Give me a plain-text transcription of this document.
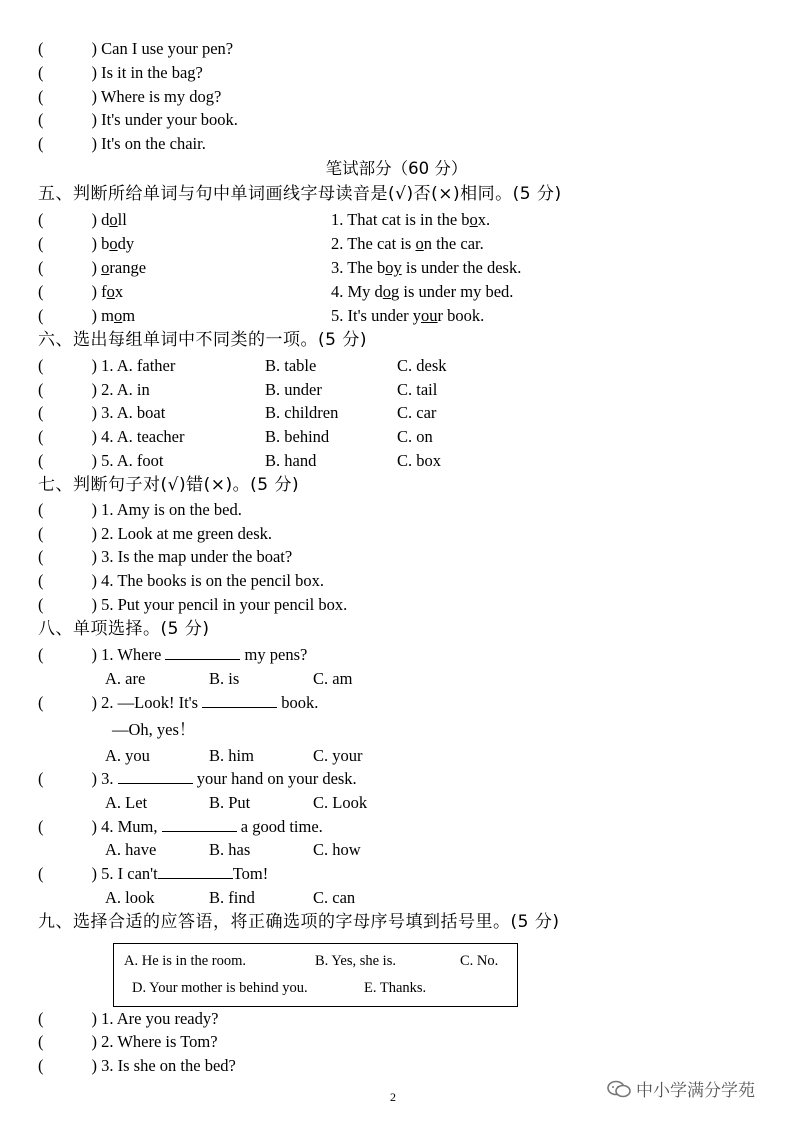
(	) Can I use your pen?
(	) Is it in the bag?
(	) Where is my dog?
(	) It's under your book.
(	) It's on the chair.
笔试部分（60 分）
五、判断所给单词与句中单词画线字母读音是(√)否(×)相同。(5 分)
(	) doll	1. That cat is in the box.
(	) body	2. The cat is on the car.
(	) orange	3. The boy is under the desk.
(	) fox	4. My dog is under my bed.
(	) mom	5. It's under your book.
六、选出每组单词中不同类的一项。(5 分)
(	) 1. A. father	B. table	C. desk
(	) 2. A. in	B. under	C. tail
(	) 3. A. boat	B. children	C. car
(	) 4. A. teacher	B. behind	C. on
(	) 5. A. foot	B. hand	C. box
七、判断句子对(√)错(×)。(5 分)
(	) 1. Amy is on the bed.
(	) 2. Look at me green desk.
(	) 3. Is the map under the boat?
(	) 4. The books is on the pencil box.
(	) 5. Put your pencil in your pencil box.
八、单项选择。(5 分)
(	) 1. Where	my pens?
A. are	B. is	C. am
(	) 2. —Look! It's	book.
—Oh, yes！
A. you	B. him	C. your
(	) 3.	your hand on your desk.
A. Let	B. Put	C. Look
(	) 4. Mum,	a good time.
A. have	B. has	C. how
(	) 5. I can't	Tom!
A. look	B. find	C. can
九、选择合适的应答语，将正确选项的字母序号填到括号里。(5 分)
A. He is in the room.	B. Yes, she is.	C. No.
D. Your mother is behind you.	E. Thanks.
(	) 1. Are you ready?
(	) 2. Where is Tom?
(	) 3. Is she on the bed?
2	中小学满分学苑
